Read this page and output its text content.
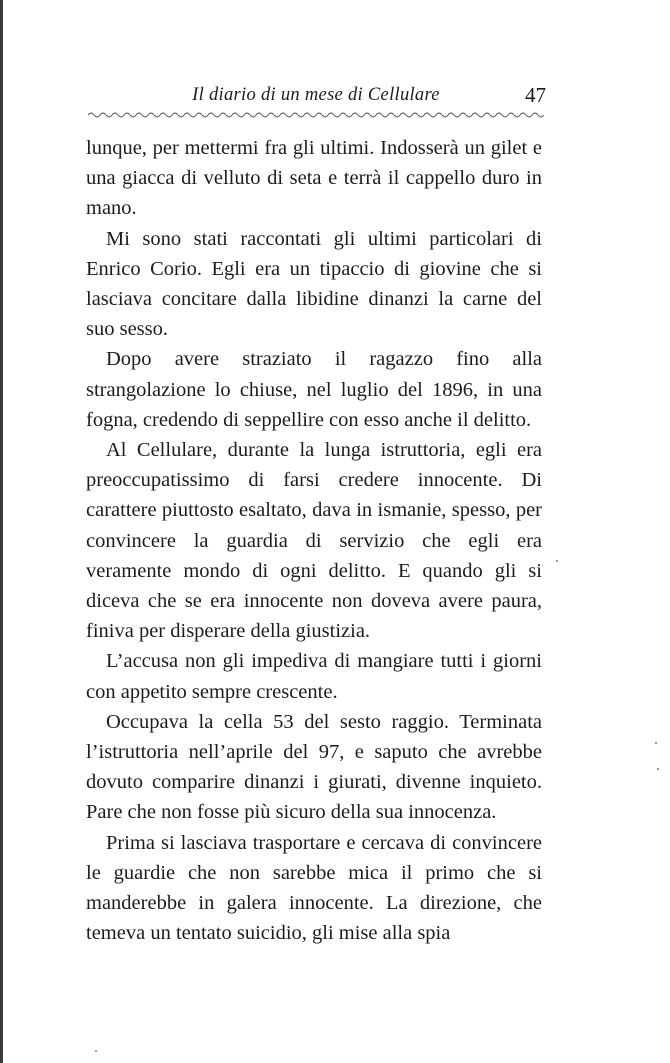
Il diario di un mese di Cellulare	47

lunque, per mettermi fra gli ultimi. Indosserà un gilet e una giacca di velluto di seta e terrà il cappello duro in mano.

Mi sono stati raccontati gli ultimi particolari di Enrico Corio. Egli era un tipaccio di giovine che si lasciava concitare dalla libidine dinanzi la carne del suo sesso.

Dopo avere straziato il ragazzo fino alla strangolazione lo chiuse, nel luglio del 1896, in una fogna, credendo di seppellire con esso anche il delitto.

Al Cellulare, durante la lunga istruttoria, egli era preoccupatissimo di farsi credere innocente. Di carattere piuttosto esaltato, dava in ismanie, spesso, per convincere la guardia di servizio che egli era veramente mondo di ogni delitto. E quando gli si diceva che se era innocente non doveva avere paura, finiva per disperare della giustizia.

L’accusa non gli impediva di mangiare tutti i giorni con appetito sempre crescente.

Occupava la cella 53 del sesto raggio. Terminata l’istruttoria nell’aprile del 97, e saputo che avrebbe dovuto comparire dinanzi i giurati, divenne inquieto. Pare che non fosse più sicuro della sua innocenza.

Prima si lasciava trasportare e cercava di convincere le guardie che non sarebbe mica il primo che si manderebbe in galera innocente. La direzione, che temeva un tentato suicidio, gli mise alla spia
